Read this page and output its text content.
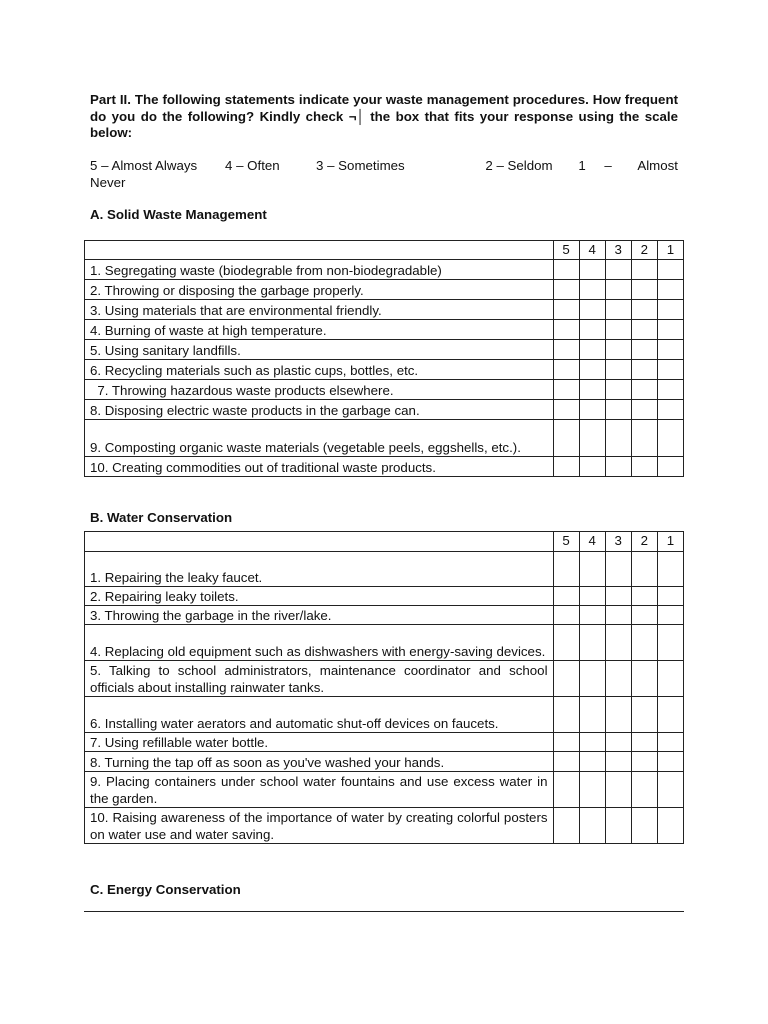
Part II. The following statements indicate your waste management procedures. How frequent do you do the following? Kindly check ¬│ the box that fits your response using the scale below:
5 – Almost Always	4 – Often	3 – Sometimes	2 – Seldom	1	–	Almost
Never
A. Solid Waste Management
	5	4	3	2	1
1. Segregating waste (biodegrable from non-biodegradable)					
2. Throwing or disposing the garbage properly.					
3. Using materials that are environmental friendly.					
4. Burning of waste at high temperature.					
5. Using sanitary landfills.					
6. Recycling materials such as plastic cups, bottles, etc.					
7. Throwing hazardous waste products elsewhere.					
8. Disposing electric waste products in the garbage can.					
9. Composting organic waste materials (vegetable peels, eggshells, etc.).					
10. Creating commodities out of traditional waste products.					
B. Water Conservation
	5	4	3	2	1
1. Repairing the leaky faucet.					
2. Repairing leaky toilets.					
3. Throwing the garbage in the river/lake.					
4. Replacing old equipment such as dishwashers with energy-saving devices.					
5. Talking to school administrators, maintenance coordinator and school officials about installing rainwater tanks.					
6. Installing water aerators and automatic shut-off devices on faucets.					
7. Using refillable water bottle.					
8. Turning the tap off as soon as you've washed your hands.					
9. Placing containers under school water fountains and use excess water in the garden.					
10. Raising awareness of the importance of water by creating colorful posters on water use and water saving.					
C. Energy Conservation
